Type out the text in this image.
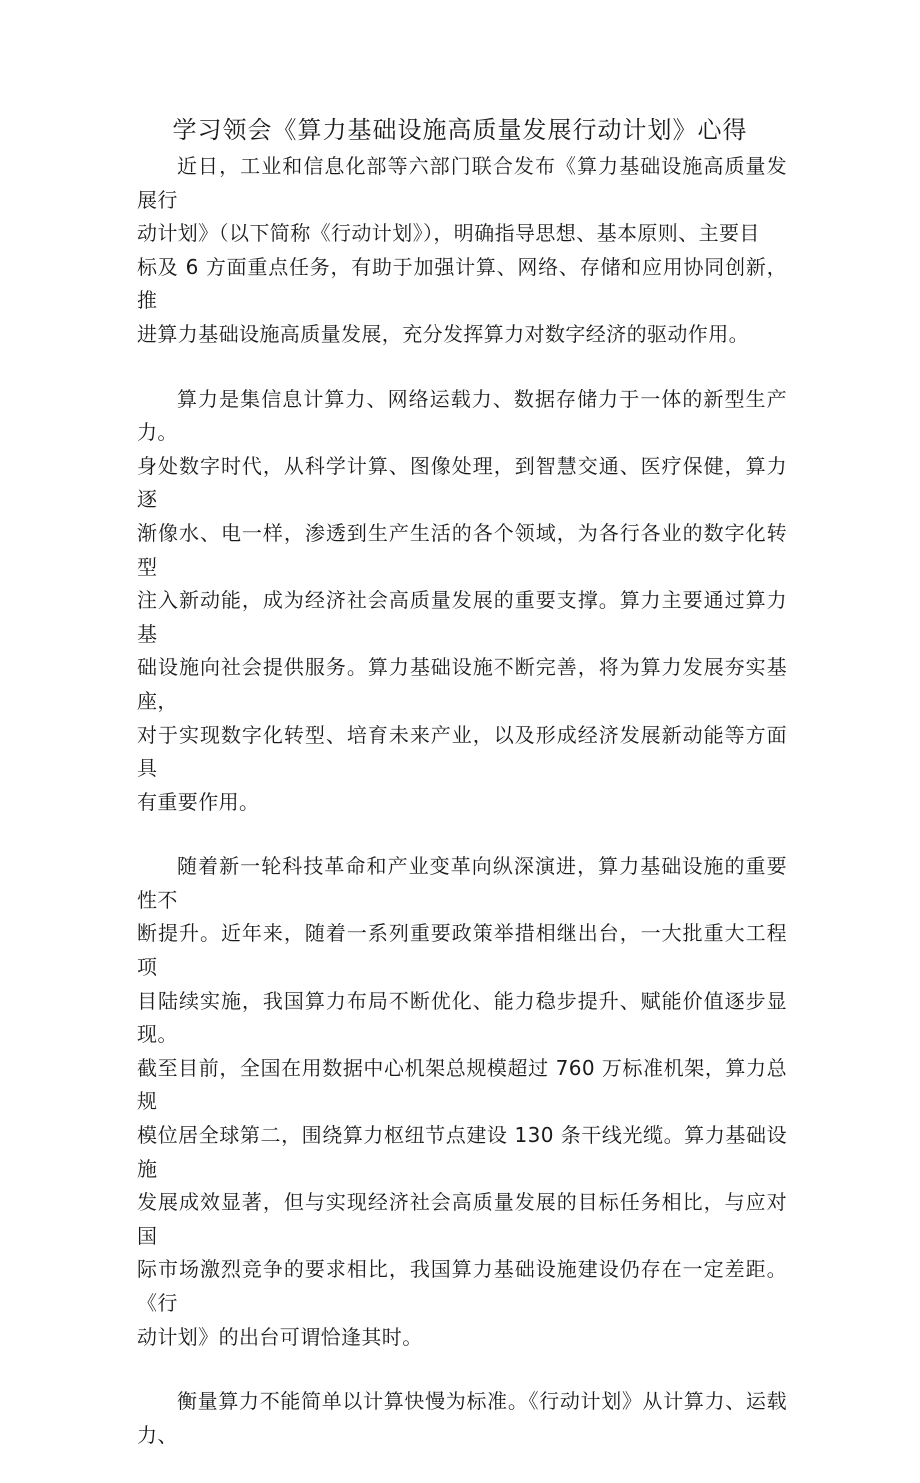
学习领会《算力基础设施高质量发展行动计划》心得

近日，工业和信息化部等六部门联合发布《算力基础设施高质量发展行
动计划》（以下简称《行动计划》），明确指导思想、基本原则、主要目
标及 6 方面重点任务，有助于加强计算、网络、存储和应用协同创新，推
进算力基础设施高质量发展，充分发挥算力对数字经济的驱动作用。

算力是集信息计算力、网络运载力、数据存储力于一体的新型生产力。
身处数字时代，从科学计算、图像处理，到智慧交通、医疗保健，算力逐
渐像水、电一样，渗透到生产生活的各个领域，为各行各业的数字化转型
注入新动能，成为经济社会高质量发展的重要支撑。算力主要通过算力基
础设施向社会提供服务。算力基础设施不断完善，将为算力发展夯实基座，
对于实现数字化转型、培育未来产业，以及形成经济发展新动能等方面具
有重要作用。

随着新一轮科技革命和产业变革向纵深演进，算力基础设施的重要性不
断提升。近年来，随着一系列重要政策举措相继出台，一大批重大工程项
目陆续实施，我国算力布局不断优化、能力稳步提升、赋能价值逐步显现。
截至目前，全国在用数据中心机架总规模超过 760 万标准机架，算力总规
模位居全球第二，围绕算力枢纽节点建设 130 条干线光缆。算力基础设施
发展成效显著，但与实现经济社会高质量发展的目标任务相比，与应对国
际市场激烈竞争的要求相比，我国算力基础设施建设仍存在一定差距。《行
动计划》的出台可谓恰逢其时。

衡量算力不能简单以计算快慢为标准。《行动计划》从计算力、运载力、
